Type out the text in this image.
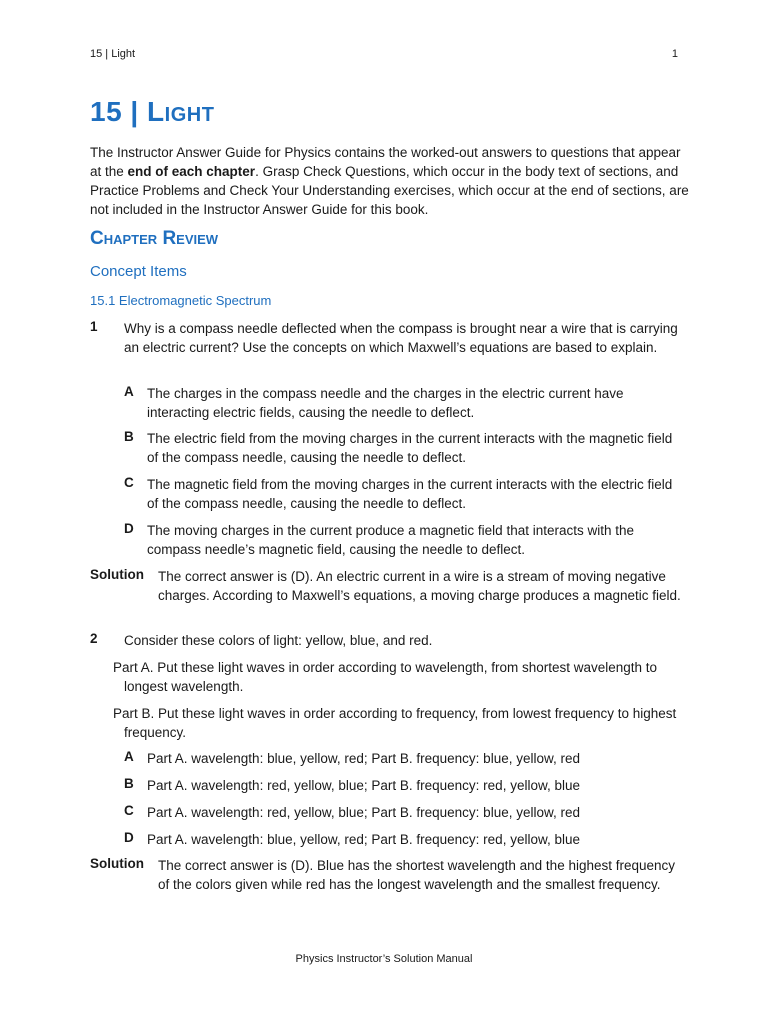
15 | Light	1
15 | Light

The Instructor Answer Guide for Physics contains the worked-out answers to questions that appear at the end of each chapter. Grasp Check Questions, which occur in the body text of sections, and Practice Problems and Check Your Understanding exercises, which occur at the end of sections, are not included in the Instructor Answer Guide for this book.

Chapter Review
Concept Items
15.1 Electromagnetic Spectrum
1 Why is a compass needle deflected when the compass is brought near a wire that is carrying an electric current? Use the concepts on which Maxwell’s equations are based to explain.
A The charges in the compass needle and the charges in the electric current have interacting electric fields, causing the needle to deflect.
B The electric field from the moving charges in the current interacts with the magnetic field of the compass needle, causing the needle to deflect.
C The magnetic field from the moving charges in the current interacts with the electric field of the compass needle, causing the needle to deflect.
D The moving charges in the current produce a magnetic field that interacts with the compass needle’s magnetic field, causing the needle to deflect.
Solution The correct answer is (D). An electric current in a wire is a stream of moving negative charges. According to Maxwell’s equations, a moving charge produces a magnetic field.
2 Consider these colors of light: yellow, blue, and red.
Part A. Put these light waves in order according to wavelength, from shortest wavelength to longest wavelength.
Part B. Put these light waves in order according to frequency, from lowest frequency to highest frequency.
A Part A. wavelength: blue, yellow, red; Part B. frequency: blue, yellow, red
B Part A. wavelength: red, yellow, blue; Part B. frequency: red, yellow, blue
C Part A. wavelength: red, yellow, blue; Part B. frequency: blue, yellow, red
D Part A. wavelength: blue, yellow, red; Part B. frequency: red, yellow, blue
Solution The correct answer is (D). Blue has the shortest wavelength and the highest frequency of the colors given while red has the longest wavelength and the smallest frequency.
Physics Instructor’s Solution Manual
